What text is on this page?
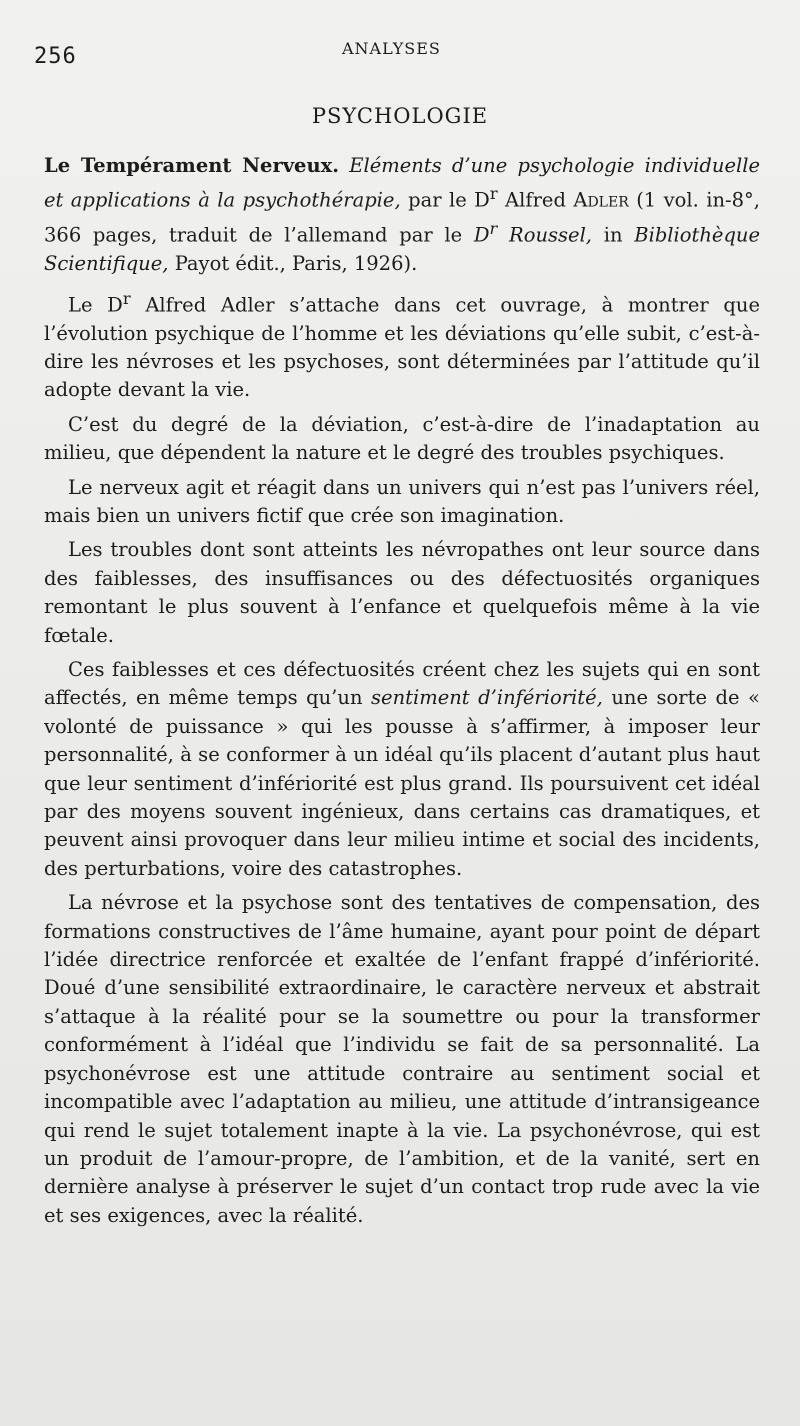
256	ANALYSES
PSYCHOLOGIE

Le Tempérament Nerveux. Eléments d’une psychologie individuelle et applications à la psychothérapie, par le $D^r$ Alfred Adler (1 vol. in-8°, 366 pages, traduit de l’allemand par le $D^r$ Roussel, in Bibliothèque Scientifique, Payot édit., Paris, 1926).

Le $D^r$ Alfred Adler s’attache dans cet ouvrage, à montrer que l’évolution psychique de l’homme et les déviations qu’elle subit, c’est-à-dire les névroses et les psychoses, sont déterminées par l’attitude qu’il adopte devant la vie.

C’est du degré de la déviation, c’est-à-dire de l’inadaptation au milieu, que dépendent la nature et le degré des troubles psychiques.

Le nerveux agit et réagit dans un univers qui n’est pas l’univers réel, mais bien un univers fictif que crée son imagination.

Les troubles dont sont atteints les névropathes ont leur source dans des faiblesses, des insuffisances ou des défectuosités organiques remontant le plus souvent à l’enfance et quelquefois même à la vie fœtale.

Ces faiblesses et ces défectuosités créent chez les sujets qui en sont affectés, en même temps qu’un sentiment d’infériorité, une sorte de « volonté de puissance » qui les pousse à s’affirmer, à imposer leur personnalité, à se conformer à un idéal qu’ils placent d’autant plus haut que leur sentiment d’infériorité est plus grand. Ils poursuivent cet idéal par des moyens souvent ingénieux, dans certains cas dramatiques, et peuvent ainsi provoquer dans leur milieu intime et social des incidents, des perturbations, voire des catastrophes.

La névrose et la psychose sont des tentatives de compensation, des formations constructives de l’âme humaine, ayant pour point de départ l’idée directrice renforcée et exaltée de l’enfant frappé d’infériorité. Doué d’une sensibilité extraordinaire, le caractère nerveux et abstrait s’attaque à la réalité pour se la soumettre ou pour la transformer conformément à l’idéal que l’individu se fait de sa personnalité. La psychonévrose est une attitude contraire au sentiment social et incompatible avec l’adaptation au milieu, une attitude d’intransigeance qui rend le sujet totalement inapte à la vie. La psychonévrose, qui est un produit de l’amour-propre, de l’ambition, et de la vanité, sert en dernière analyse à préserver le sujet d’un contact trop rude avec la vie et ses exigences, avec la réalité.
